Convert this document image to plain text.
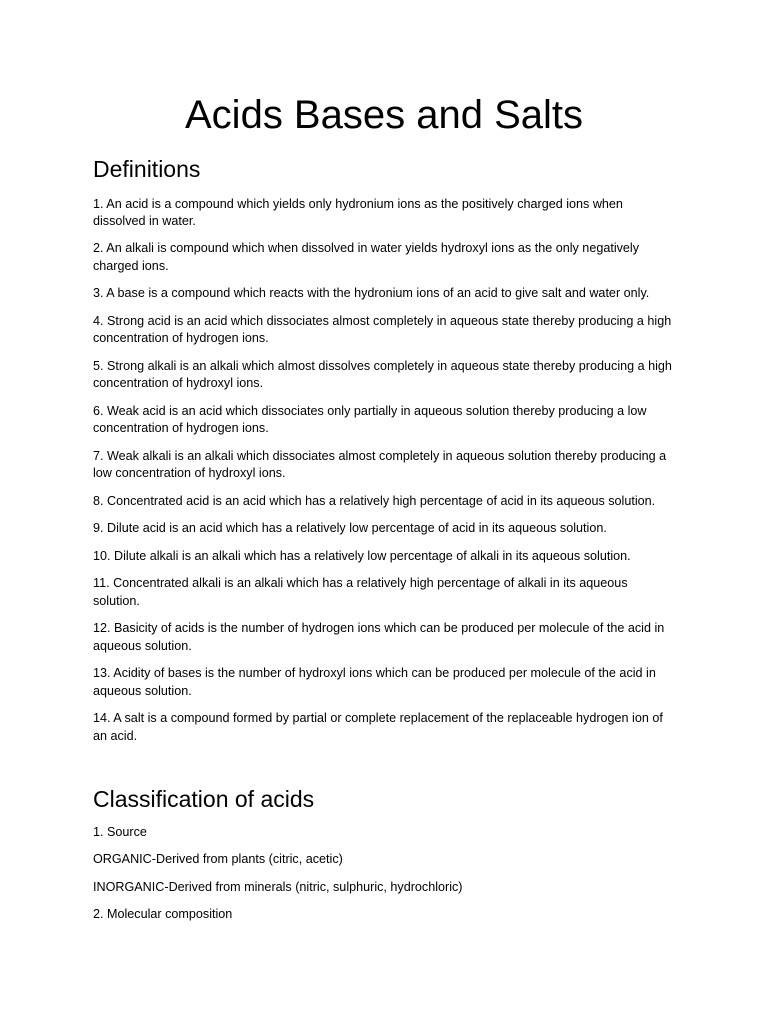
Acids Bases and Salts
Definitions

1. An acid is a compound which yields only hydronium ions as the positively charged ions when dissolved in water.

2. An alkali is compound which when dissolved in water yields hydroxyl ions as the only negatively charged ions.

3. A base is a compound which reacts with the hydronium ions of an acid to give salt and water only.

4. Strong acid is an acid which dissociates almost completely in aqueous state thereby producing a high concentration of hydrogen ions.

5. Strong alkali is an alkali which almost dissolves completely in aqueous state thereby producing a high concentration of hydroxyl ions.

6. Weak acid is an acid which dissociates only partially in aqueous solution thereby producing a low concentration of hydrogen ions.

7. Weak alkali is an alkali which dissociates almost completely in aqueous solution thereby producing a low concentration of hydroxyl ions.

8. Concentrated acid is an acid which has a relatively high percentage of acid in its aqueous solution.

9. Dilute acid is an acid which has a relatively low percentage of acid in its aqueous solution.

10. Dilute alkali is an alkali which has a relatively low percentage of alkali in its aqueous solution.

11. Concentrated alkali is an alkali which has a relatively high percentage of alkali in its aqueous solution.

12. Basicity of acids is the number of hydrogen ions which can be produced per molecule of the acid in aqueous solution.

13. Acidity of bases is the number of hydroxyl ions which can be produced per molecule of the acid in aqueous solution.

14. A salt is a compound formed by partial or complete replacement of the replaceable hydrogen ion of an acid.

Classification of acids

1. Source

ORGANIC-Derived from plants (citric, acetic)

INORGANIC-Derived from minerals (nitric, sulphuric, hydrochloric)

2. Molecular composition
